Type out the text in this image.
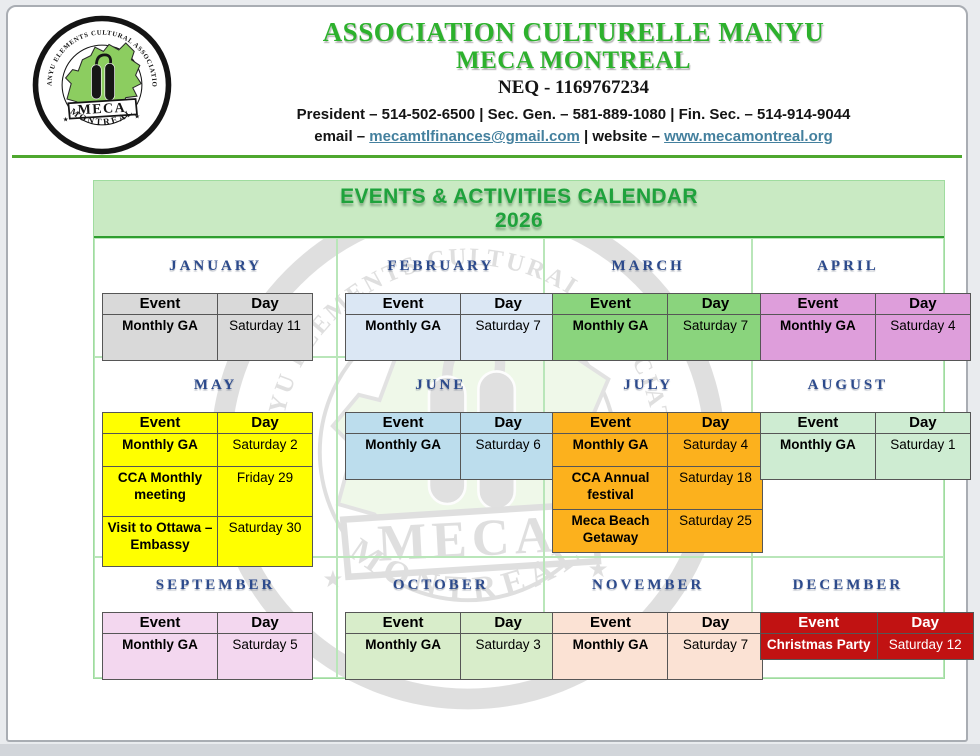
ASSOCIATION CULTURELLE MANYU
MECA MONTREAL
NEQ - 1169767234
President – 514-502-6500 | Sec. Gen. – 581-889-1080 | Fin. Sec. – 514-914-9044
email – mecamtlfinances@gmail.com | website – www.mecamontreal.org
EVENTS & ACTIVITIES CALENDAR
2026
JANUARY
Event	Day
Monthly GA	Saturday 11
FEBRUARY
Event	Day
Monthly GA	Saturday 7
MARCH
Event	Day
Monthly GA	Saturday 7
APRIL
Event	Day
Monthly GA	Saturday 4
MAY
Event	Day
Monthly GA	Saturday 2
CCA Monthly meeting	Friday 29
Visit to Ottawa – Embassy	Saturday 30
JUNE
Event	Day
Monthly GA	Saturday 6
JULY
Event	Day
Monthly GA	Saturday 4
CCA Annual festival	Saturday 18
Meca Beach Getaway	Saturday 25
AUGUST
Event	Day
Monthly GA	Saturday 1
SEPTEMBER
Event	Day
Monthly GA	Saturday 5
OCTOBER
Event	Day
Monthly GA	Saturday 3
NOVEMBER
Event	Day
Monthly GA	Saturday 7
DECEMBER
Event	Day
Christmas Party	Saturday 12
